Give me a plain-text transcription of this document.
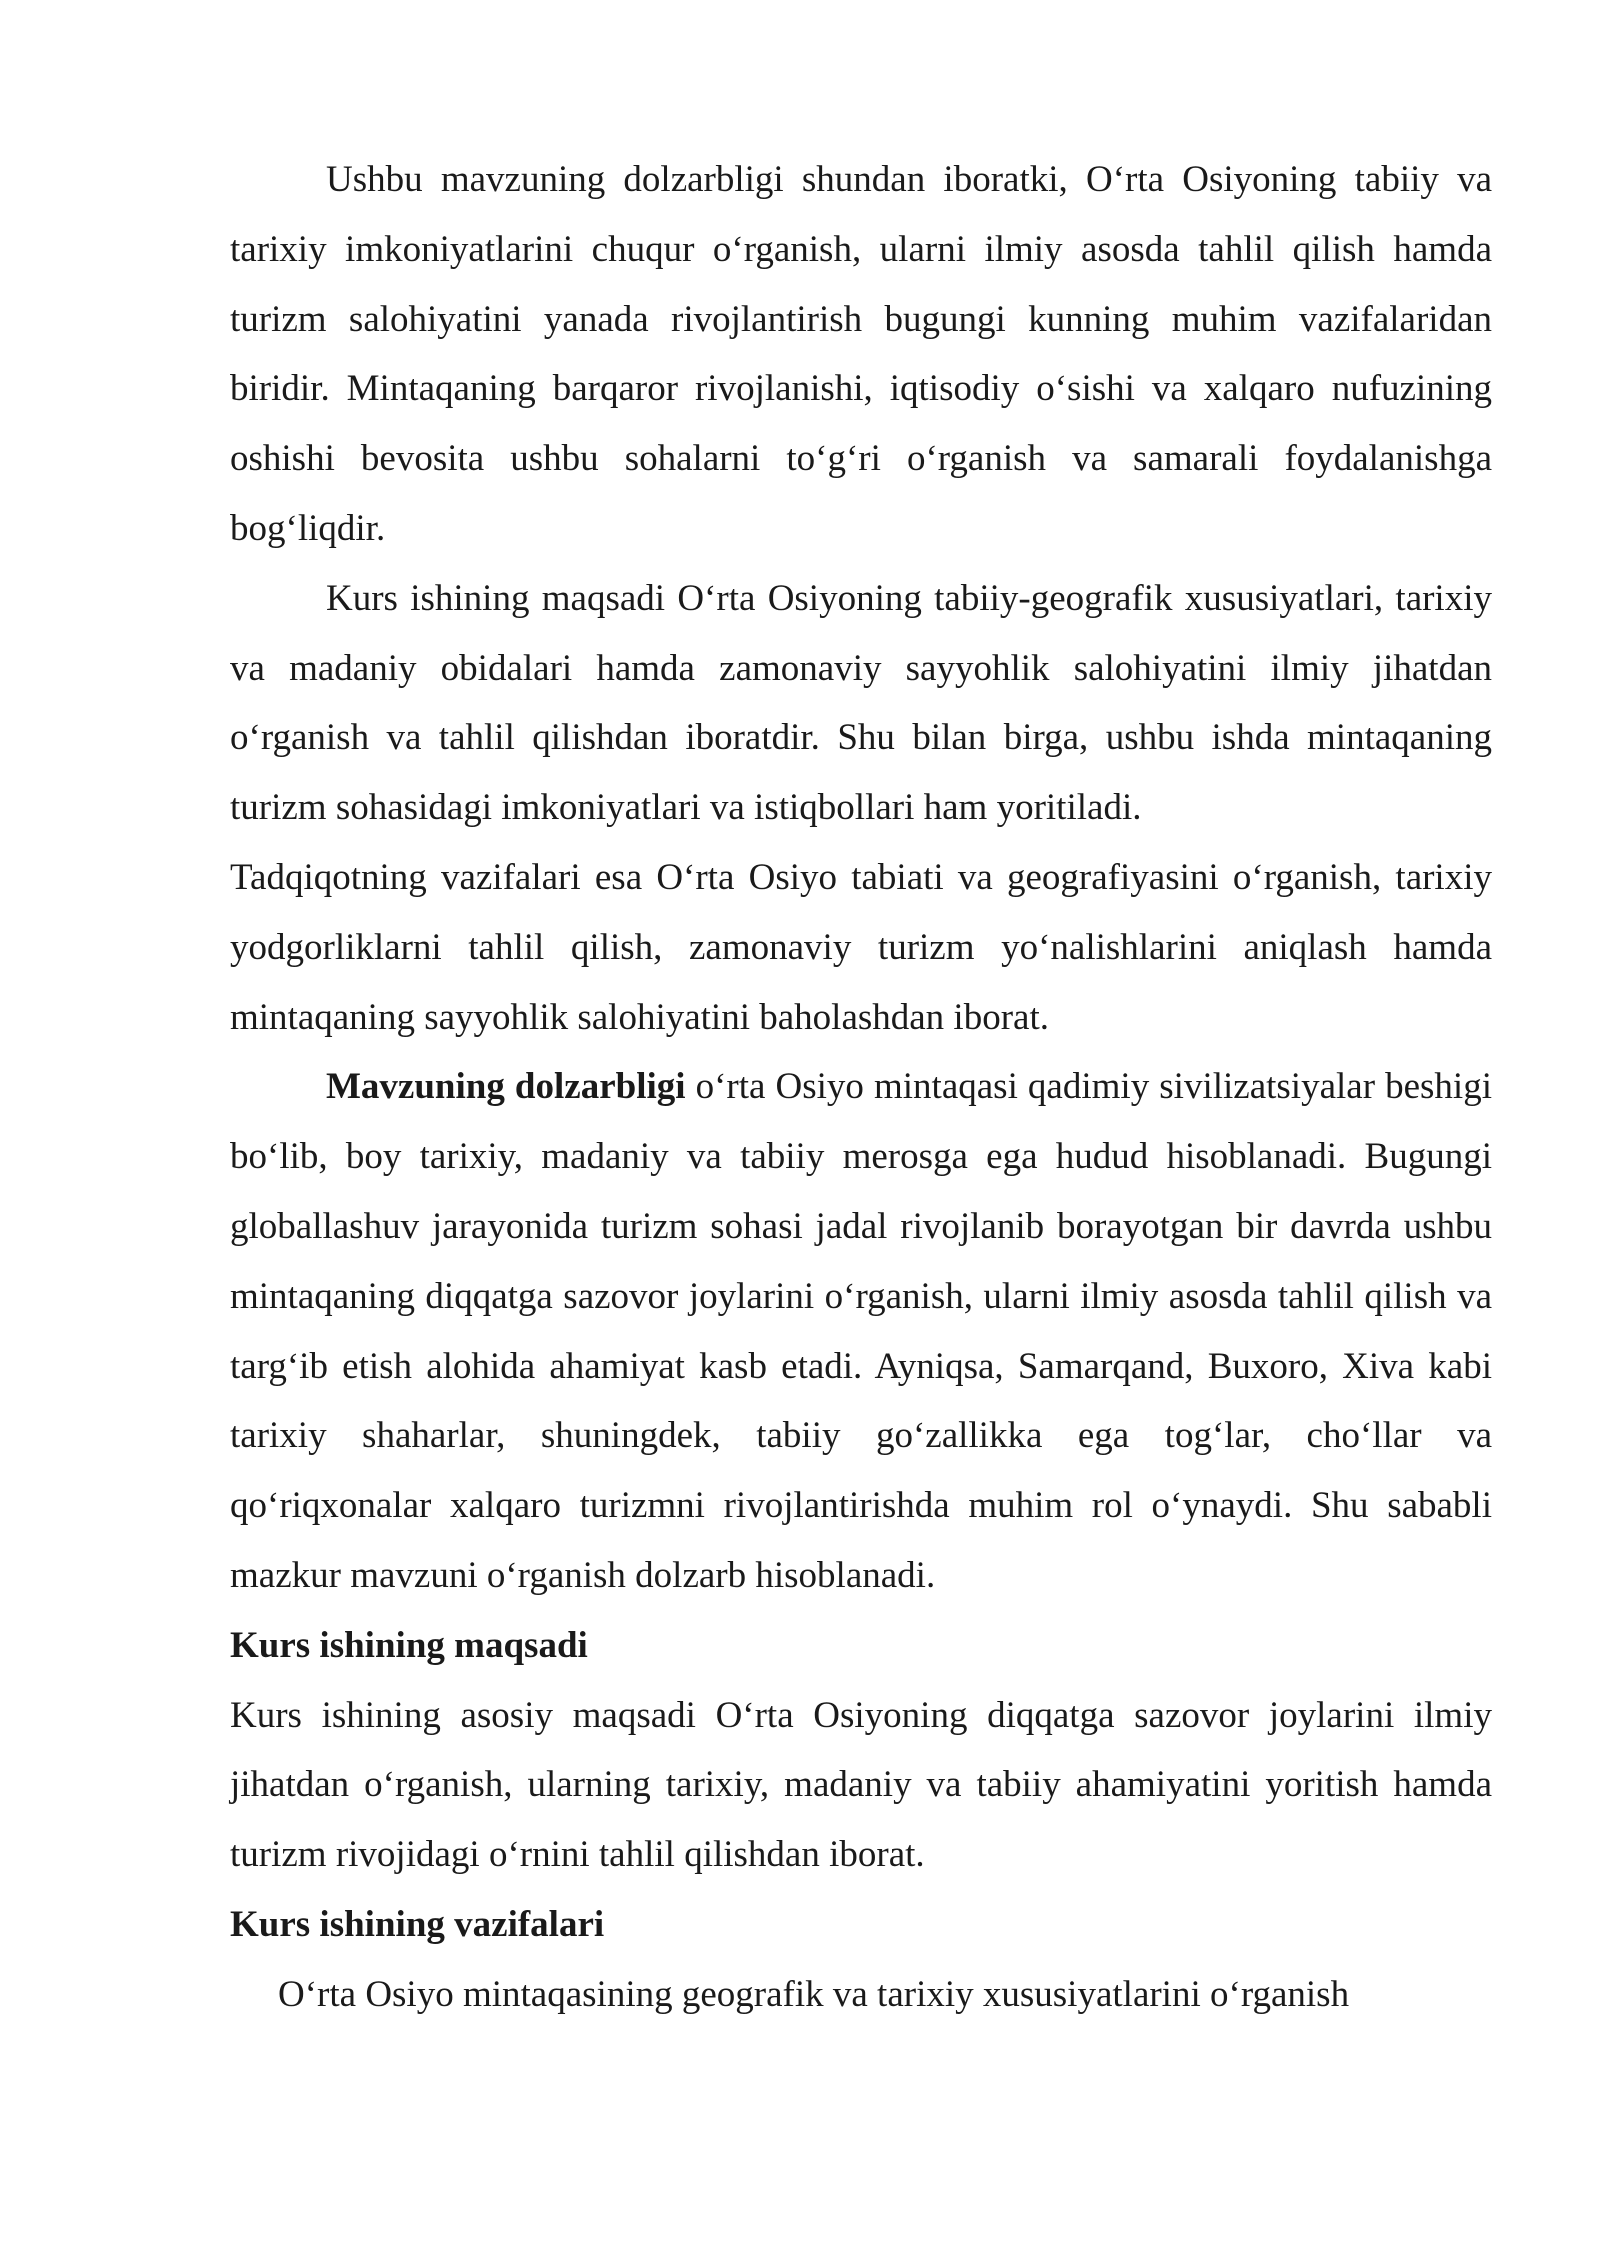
Ushbu mavzuning dolzarbligi shundan iboratki, O‘rta Osiyoning tabiiy va tarixiy imkoniyatlarini chuqur o‘rganish, ularni ilmiy asosda tahlil qilish hamda turizm salohiyatini yanada rivojlantirish bugungi kunning muhim vazifalaridan biridir. Mintaqaning barqaror rivojlanishi, iqtisodiy o‘sishi va xalqaro nufuzining oshishi bevosita ushbu sohalarni to‘g‘ri o‘rganish va samarali foydalanishga bog‘liqdir.

Kurs ishining maqsadi O‘rta Osiyoning tabiiy-geografik xususiyatlari, tarixiy va madaniy obidalari hamda zamonaviy sayyohlik salohiyatini ilmiy jihatdan o‘rganish va tahlil qilishdan iboratdir. Shu bilan birga, ushbu ishda mintaqaning turizm sohasidagi imkoniyatlari va istiqbollari ham yoritiladi.

Tadqiqotning vazifalari esa O‘rta Osiyo tabiati va geografiyasini o‘rganish, tarixiy yodgorliklarni tahlil qilish, zamonaviy turizm yo‘nalishlarini aniqlash hamda mintaqaning sayyohlik salohiyatini baholashdan iborat.

Mavzuning dolzarbligi o‘rta Osiyo mintaqasi qadimiy sivilizatsiyalar beshigi bo‘lib, boy tarixiy, madaniy va tabiiy merosga ega hudud hisoblanadi. Bugungi globallashuv jarayonida turizm sohasi jadal rivojlanib borayotgan bir davrda ushbu mintaqaning diqqatga sazovor joylarini o‘rganish, ularni ilmiy asosda tahlil qilish va targ‘ib etish alohida ahamiyat kasb etadi. Ayniqsa, Samarqand, Buxoro, Xiva kabi tarixiy shaharlar, shuningdek, tabiiy go‘zallikka ega tog‘lar, cho‘llar va qo‘riqxonalar xalqaro turizmni rivojlantirishda muhim rol o‘ynaydi. Shu sababli mazkur mavzuni o‘rganish dolzarb hisoblanadi.

Kurs ishining maqsadi

Kurs ishining asosiy maqsadi O‘rta Osiyoning diqqatga sazovor joylarini ilmiy jihatdan o‘rganish, ularning tarixiy, madaniy va tabiiy ahamiyatini yoritish hamda turizm rivojidagi o‘rnini tahlil qilishdan iborat.

Kurs ishining vazifalari

O‘rta Osiyo mintaqasining geografik va tarixiy xususiyatlarini o‘rganish
